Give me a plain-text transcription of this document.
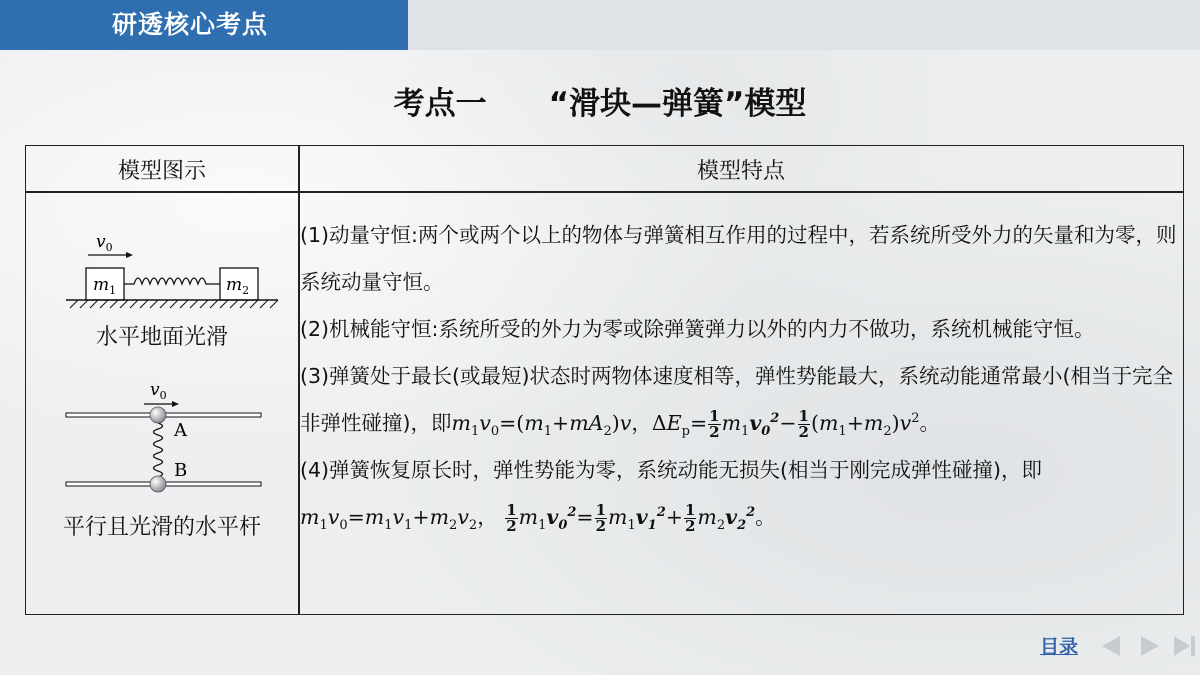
研透核心考点
考点一　　“滑块—弹簧”模型
模型图示	模型特点
$v_0$
$m_1$	$m_2$
水平地面光滑
$v_0$
A
B
平行且光滑的水平杆

(1)动量守恒:两个或两个以上的物体与弹簧相互作用的过程中，若系统所受外力的矢量和为零，则系统动量守恒。

(2)机械能守恒:系统所受的外力为零或除弹簧弹力以外的内力不做功，系统机械能守恒。

(3)弹簧处于最长(或最短)状态时两物体速度相等，弹性势能最大，系统动能通常最小(相当于完全非弹性碰撞)，即$m_1v_0=(m_1+mA_2)v$，$\Delta E_p= \frac{1}{2} m_1v_0^2- \frac{1}{2} (m_1+m_2)v^2$。

(4)弹簧恢复原长时，弹性势能为零，系统动能无损失(相当于刚完成弹性碰撞)，即$m_1v_0=m_1v_1+m_2v_2$， $\frac{1}{2} m_1v_0^2= \frac{1}{2} m_1v_1^2+ \frac{1}{2} m_2v_2^2$。

目录
